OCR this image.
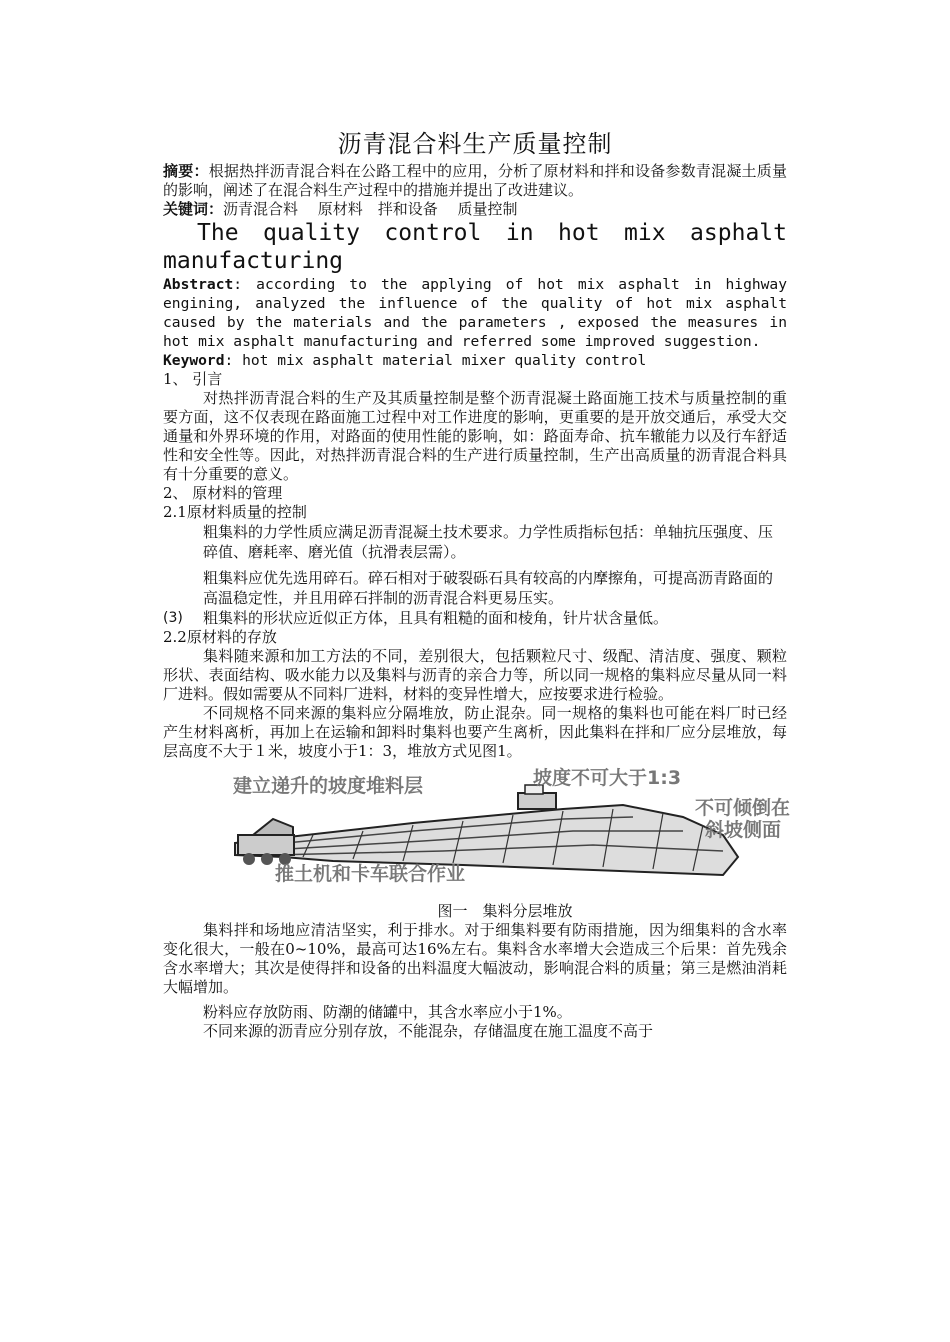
沥青混合料生产质量控制

摘要：根据热拌沥青混合料在公路工程中的应用，分析了原材料和拌和设备参数青混凝土质量的影响，阐述了在混合料生产过程中的措施并提出了改进建议。

关键词：沥青混合料　 原材料　拌和设备　 质量控制

The quality control in hot mix asphalt
manufacturing

Abstract: according to the applying of hot mix asphalt in highway engining, analyzed the influence of the quality of hot mix asphalt caused by the materials and the parameters , exposed the measures in hot mix asphalt manufacturing and referred some improved suggestion.

Keyword: hot mix asphalt material mixer quality control

1、 引言

对热拌沥青混合料的生产及其质量控制是整个沥青混凝土路面施工技术与质量控制的重要方面，这不仅表现在路面施工过程中对工作进度的影响，更重要的是开放交通后，承受大交通量和外界环境的作用，对路面的使用性能的影响，如：路面寿命、抗车辙能力以及行车舒适性和安全性等。因此，对热拌沥青混合料的生产进行质量控制，生产出高质量的沥青混合料具有十分重要的意义。

2、 原材料的管理

2.1原材料质量的控制

粗集料的力学性质应满足沥青混凝土技术要求。力学性质指标包括：单轴抗压强度、压碎值、磨耗率、磨光值（抗滑表层需）。
粗集料应优先选用碎石。碎石相对于破裂砾石具有较高的内摩擦角，可提高沥青路面的高温稳定性，并且用碎石拌制的沥青混合料更易压实。
(3) 粗集料的形状应近似正方体，且具有粗糙的面和棱角，针片状含量低。

2.2原材料的存放

集料随来源和加工方法的不同，差别很大，包括颗粒尺寸、级配、清洁度、强度、颗粒形状、表面结构、吸水能力以及集料与沥青的亲合力等，所以同一规格的集料应尽量从同一料厂进料。假如需要从不同料厂进料，材料的变异性增大，应按要求进行检验。

不同规格不同来源的集料应分隔堆放，防止混杂。同一规格的集料也可能在料厂时已经产生材料离析，再加上在运输和卸料时集料也要产生离析，因此集料在拌和厂应分层堆放，每层高度不大于１米，坡度小于1：3，堆放方式见图1。

建立递升的坡度堆料层	坡度不可大于1:3
不可倾倒在
斜坡侧面
推土机和卡车联合作业

图一　集料分层堆放

集料拌和场地应清洁坚实，利于排水。对于细集料要有防雨措施，因为细集料的含水率变化很大，一般在0~10%，最高可达16%左右。集料含水率增大会造成三个后果：首先残余含水率增大；其次是使得拌和设备的出料温度大幅波动，影响混合料的质量；第三是燃油消耗大幅增加。

粉料应存放防雨、防潮的储罐中，其含水率应小于1%。

不同来源的沥青应分别存放，不能混杂，存储温度在施工温度不高于
